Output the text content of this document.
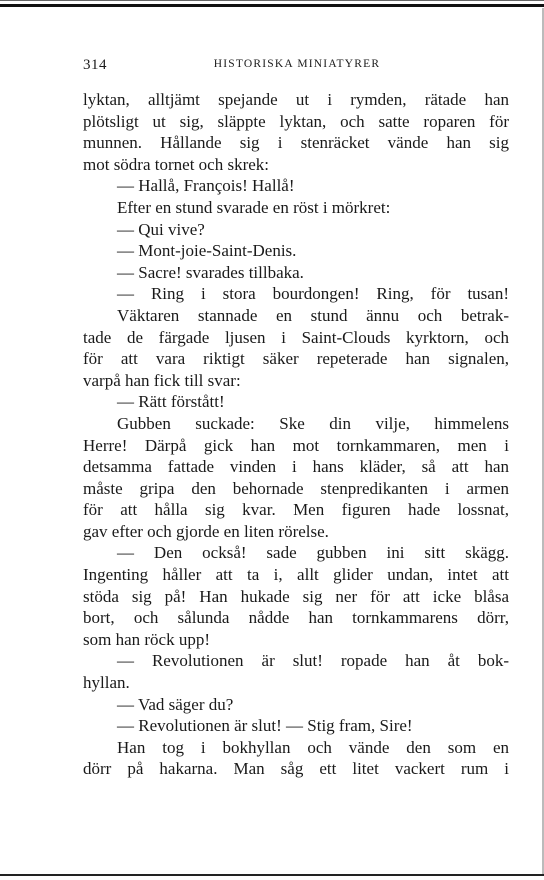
314	HISTORISKA MINIATYRER
lyktan, alltjämt spejande ut i rymden, rätade han
plötsligt ut sig, släppte lyktan, och satte roparen för
munnen. Hållande sig i stenräcket vände han sig
mot södra tornet och skrek:
— Hallå, François! Hallå!
Efter en stund svarade en röst i mörkret:
— Qui vive?
— Mont-joie-Saint-Denis.
— Sacre! svarades tillbaka.
— Ring i stora bourdongen! Ring, för tusan!
Väktaren stannade en stund ännu och betrak-
tade de färgade ljusen i Saint-Clouds kyrktorn, och
för att vara riktigt säker repeterade han signalen,
varpå han fick till svar:
— Rätt förstått!
Gubben suckade: Ske din vilje, himmelens
Herre! Därpå gick han mot tornkammaren, men i
detsamma fattade vinden i hans kläder, så att han
måste gripa den behornade stenpredikanten i armen
för att hålla sig kvar. Men figuren hade lossnat,
gav efter och gjorde en liten rörelse.
— Den också! sade gubben ini sitt skägg.
Ingenting håller att ta i, allt glider undan, intet att
stöda sig på! Han hukade sig ner för att icke blåsa
bort, och sålunda nådde han tornkammarens dörr,
som han röck upp!
— Revolutionen är slut! ropade han åt bok-
hyllan.
— Vad säger du?
— Revolutionen är slut! — Stig fram, Sire!
Han tog i bokhyllan och vände den som en
dörr på hakarna. Man såg ett litet vackert rum i
